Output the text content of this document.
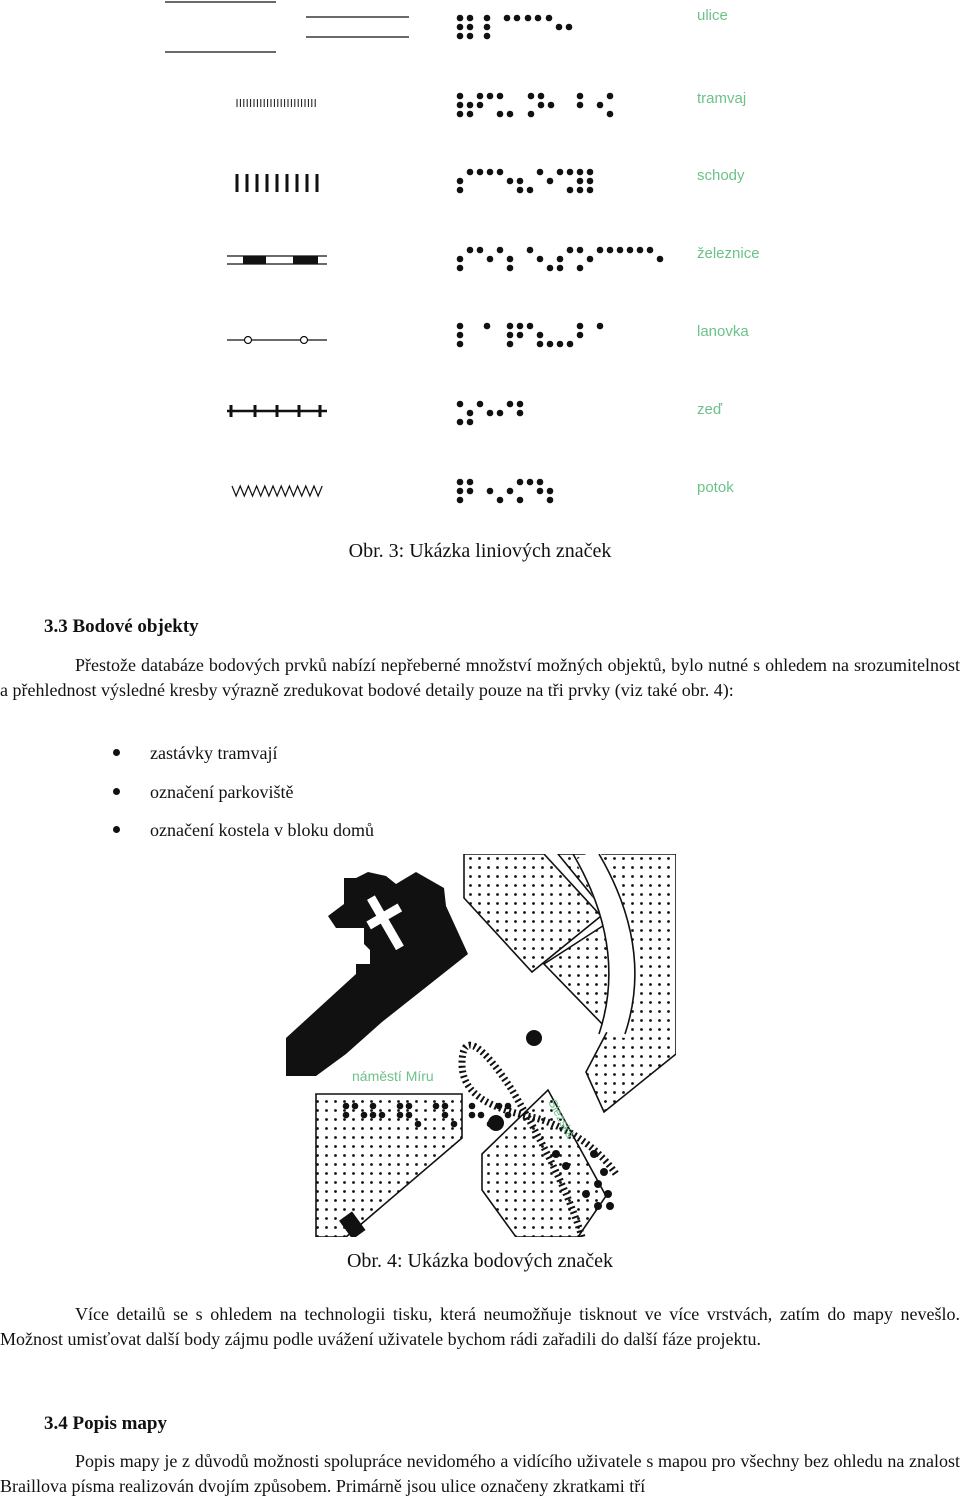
ulice
tramvaj
schody
železnice
lanovka
zeď
potok
Obr. 3: Ukázka liniových značek
3.3 Bodové objekty
Přestože databáze bodových prvků nabízí nepřeberné množství možných objektů, bylo nutné s ohledem na srozumitelnost a přehlednost výsledné kresby výrazně zredukovat bodové detaily pouze na tři prvky (viz také obr. 4):
zastávky tramvají
označení parkoviště
označení kostela v bloku domů
náměstí Míru
Slezská
Obr. 4: Ukázka bodových značek
Více detailů se s ohledem na technologii tisku, která neumožňuje tisknout ve více vrstvách, zatím do mapy nevešlo. Možnost umisťovat další body zájmu podle uvážení uživatele bychom rádi zařadili do další fáze projektu.
3.4 Popis mapy
Popis mapy je z důvodů možnosti spolupráce nevidomého a vidícího uživatele s mapou pro všechny bez ohledu na znalost Braillova písma realizován dvojím způsobem. Primárně jsou ulice označeny zkratkami tří
